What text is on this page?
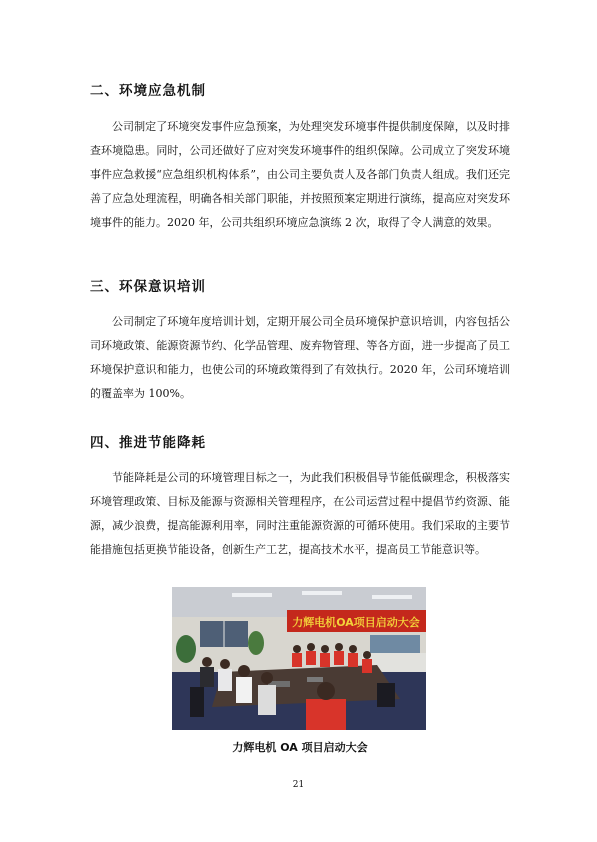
二、环境应急机制

公司制定了环境突发事件应急预案，为处理突发环境事件提供制度保障，以及时排查环境隐患。同时，公司还做好了应对突发环境事件的组织保障。公司成立了突发环境事件应急救援“应急组织机构体系”，由公司主要负责人及各部门负责人组成。我们还完善了应急处理流程，明确各相关部门职能，并按照预案定期进行演练，提高应对突发环境事件的能力。2020 年，公司共组织环境应急演练 2 次，取得了令人满意的效果。

三、环保意识培训

公司制定了环境年度培训计划，定期开展公司全员环境保护意识培训，内容包括公司环境政策、能源资源节约、化学品管理、废弃物管理、等各方面，进一步提高了员工环境保护意识和能力，也使公司的环境政策得到了有效执行。2020 年，公司环境培训的覆盖率为 100%。

四、推进节能降耗

节能降耗是公司的环境管理目标之一，为此我们积极倡导节能低碳理念，积极落实环境管理政策、目标及能源与资源相关管理程序，在公司运营过程中提倡节约资源、能源，减少浪费，提高能源利用率，同时注重能源资源的可循环使用。我们采取的主要节能措施包括更换节能设备，创新生产工艺，提高技术水平，提高员工节能意识等。

力辉电机OA项目启动大会
力辉电机 OA 项目启动大会
21
